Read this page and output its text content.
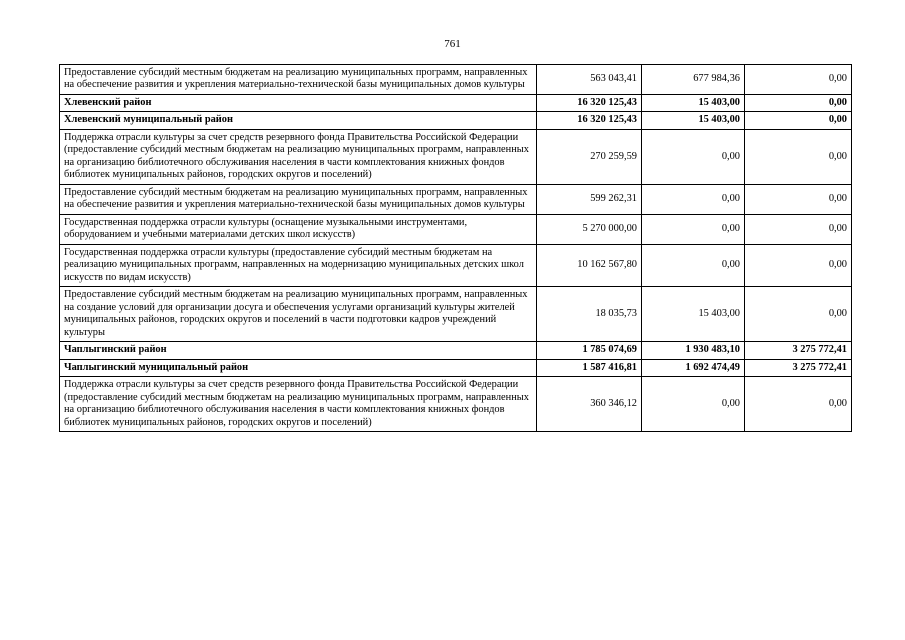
761
Предоставление субсидий местным бюджетам на реализацию муниципальных программ, направленных на обеспечение развития и укрепления материально-технической базы муниципальных домов культуры	563 043,41	677 984,36	0,00
Хлевенский район	16 320 125,43	15 403,00	0,00
Хлевенский муниципальный район	16 320 125,43	15 403,00	0,00
Поддержка отрасли культуры за счет средств резервного фонда Правительства Российской Федерации (предоставление субсидий местным бюджетам на реализацию муниципальных программ, направленных на организацию библиотечного обслуживания населения в части комплектования книжных фондов библиотек муниципальных районов, городских округов и поселений)	270 259,59	0,00	0,00
Предоставление субсидий местным бюджетам на реализацию муниципальных программ, направленных на обеспечение развития и укрепления материально-технической базы муниципальных домов культуры	599 262,31	0,00	0,00
Государственная поддержка отрасли культуры (оснащение музыкальными инструментами, оборудованием и учебными материалами детских школ искусств)	5 270 000,00	0,00	0,00
Государственная поддержка отрасли культуры (предоставление субсидий местным бюджетам на реализацию муниципальных программ, направленных на модернизацию муниципальных детских школ искусств по видам искусств)	10 162 567,80	0,00	0,00
Предоставление субсидий местным бюджетам на реализацию муниципальных программ, направленных на создание условий для организации досуга и обеспечения услугами организаций культуры жителей муниципальных районов, городских округов и поселений в части подготовки кадров учреждений культуры	18 035,73	15 403,00	0,00
Чаплыгинский район	1 785 074,69	1 930 483,10	3 275 772,41
Чаплыгинский муниципальный район	1 587 416,81	1 692 474,49	3 275 772,41
Поддержка отрасли культуры за счет средств резервного фонда Правительства Российской Федерации (предоставление субсидий местным бюджетам на реализацию муниципальных программ, направленных на организацию библиотечного обслуживания населения в части комплектования книжных фондов библиотек муниципальных районов, городских округов и поселений)	360 346,12	0,00	0,00
